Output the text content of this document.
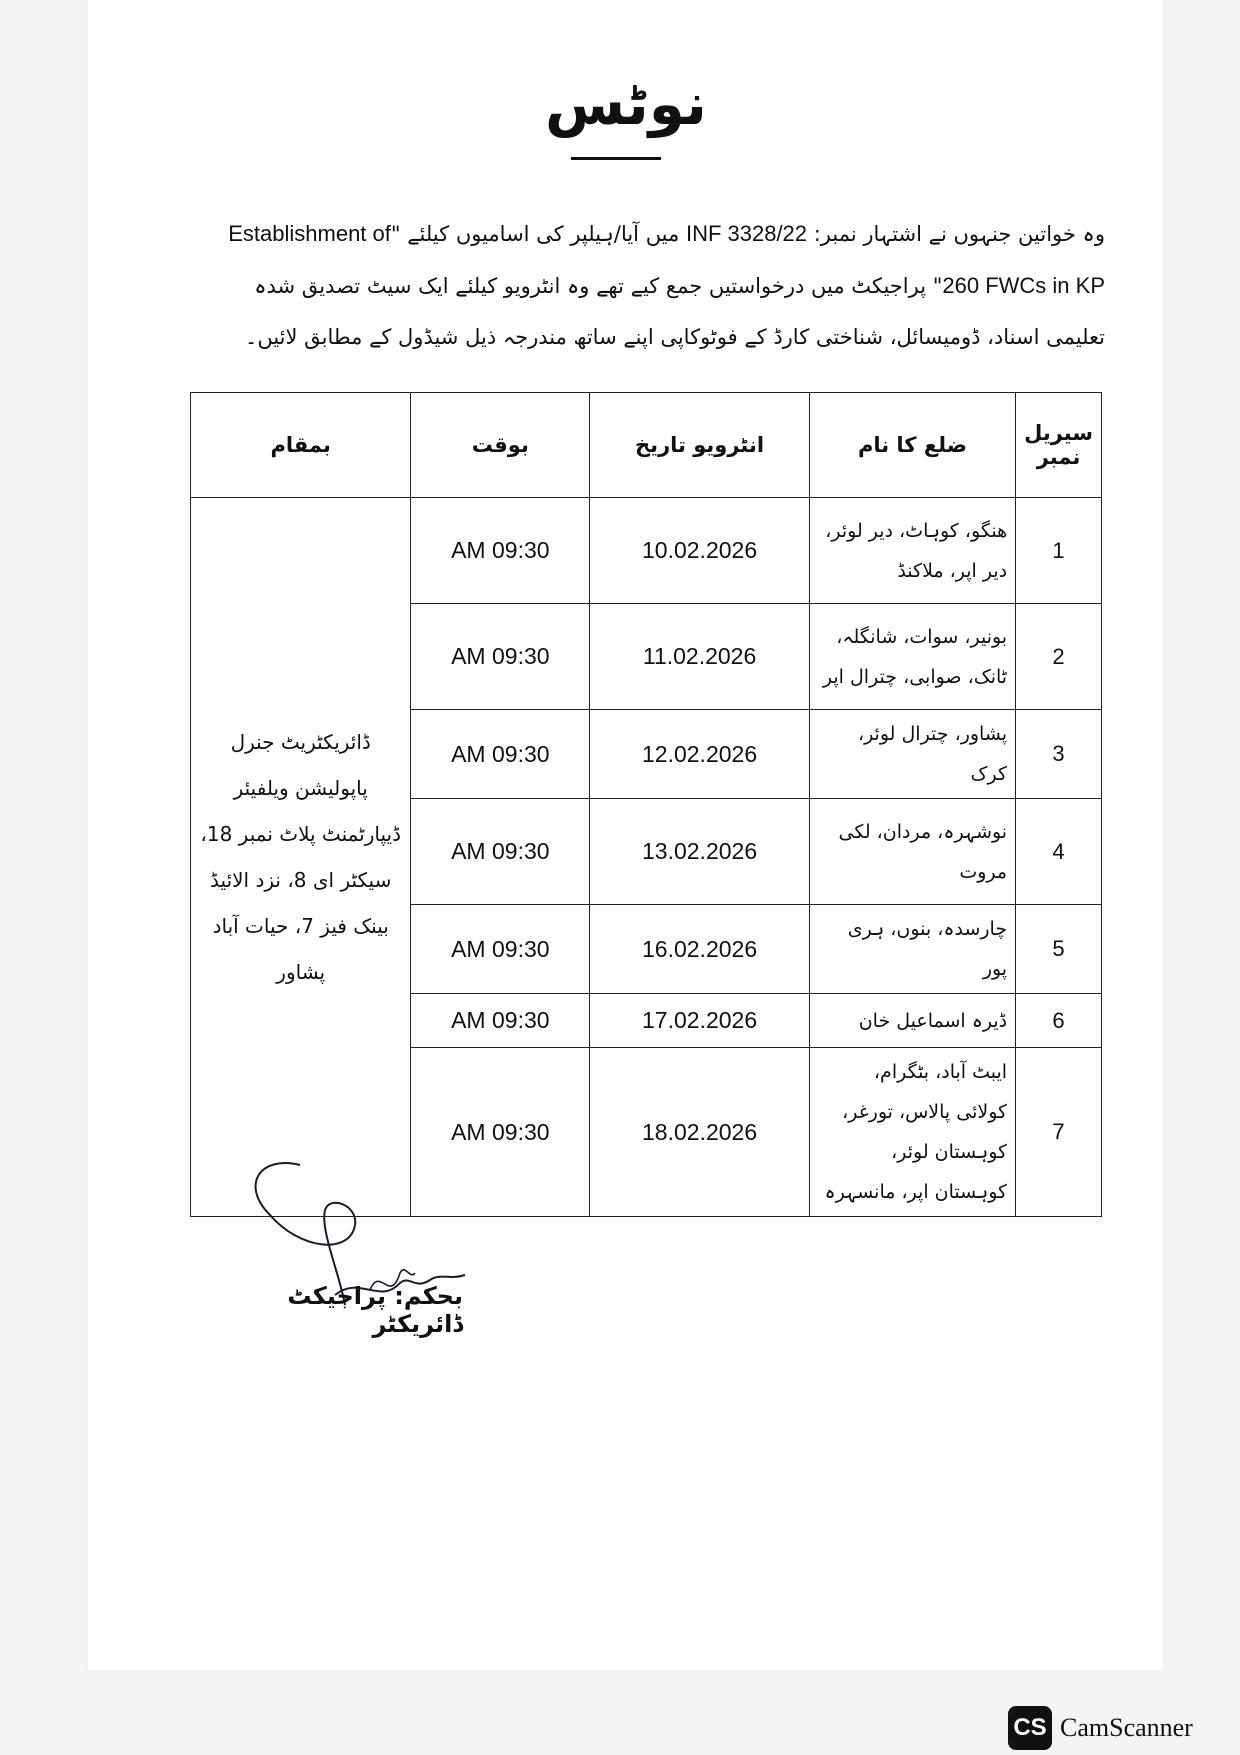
نوٹس
وہ خواتین جنہوں نے اشتہار نمبر: INF 3328/22 میں آیا/ہیلپر کی اسامیوں کیلئے "Establishment of 260 FWCs in KP" پراجیکٹ میں درخواستیں جمع کیے تھے وہ انٹرویو کیلئے ایک سیٹ تصدیق شدہ تعلیمی اسناد، ڈومیسائل، شناختی کارڈ کے فوٹوکاپی اپنے ساتھ مندرجہ ذیل شیڈول کے مطابق لائیں۔
سیریل نمبر	ضلع کا نام	انٹرویو تاریخ	بوقت	بمقام
1	ھنگو، کوہاٹ، دیر لوئر، دیر اپر، ملاکنڈ	10.02.2026	09:30 AM	ڈائریکٹریٹ جنرل پاپولیشن ویلفیئر ڈیپارٹمنٹ پلاٹ نمبر 18، سیکٹر ای 8، نزد الائیڈ بینک فیز 7، حیات آباد پشاور
2	بونیر، سوات، شانگلہ، ٹانک، صوابی، چترال اپر	11.02.2026	09:30 AM	
3	پشاور، چترال لوئر، کرک	12.02.2026	09:30 AM	
4	نوشہرہ، مردان، لکی مروت	13.02.2026	09:30 AM	
5	چارسدہ، بنوں، ہری پور	16.02.2026	09:30 AM	
6	ڈیرہ اسماعیل خان	17.02.2026	09:30 AM	
7	ایبٹ آباد، بٹگرام، کولائی پالاس، تورغر، کوہستان لوئر، کوہستان اپر، مانسہرہ	18.02.2026	09:30 AM	
بحکم: پراجیکٹ ڈائریکٹر
CS CamScanner
